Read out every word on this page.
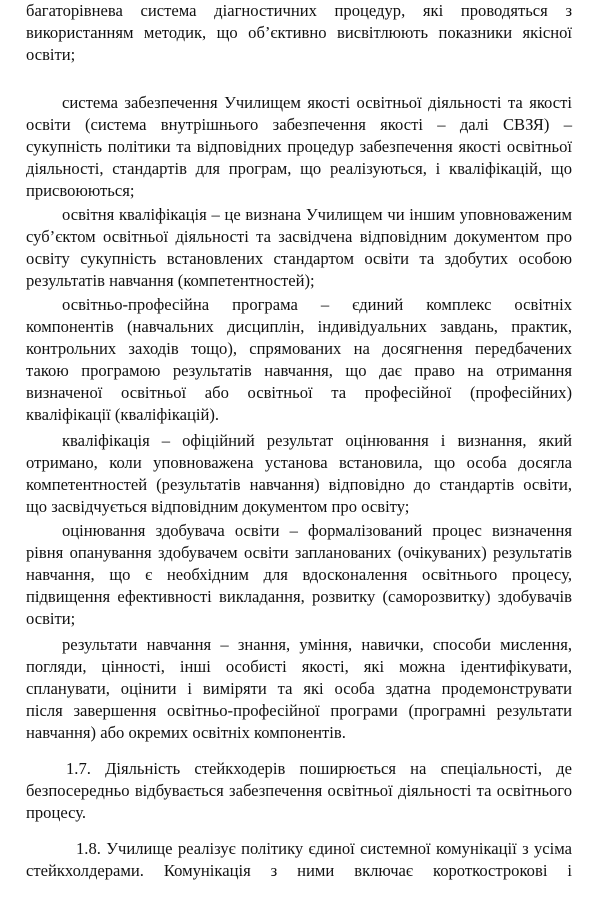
багаторівнева система діагностичних процедур, які проводяться з
використанням методик, що об’єктивно висвітлюють показники якісної
освіти;
система забезпечення Училищем якості освітньої діяльності та якості
освіти (система внутрішнього забезпечення якості – далі СВЗЯ) –
сукупність політики та відповідних процедур забезпечення якості освітньої
діяльності, стандартів для програм, що реалізуються, і кваліфікацій, що
присвоюються;
освітня кваліфікація – це визнана Училищем чи іншим уповноваженим
суб’єктом освітньої діяльності та засвідчена відповідним документом про
освіту сукупність встановлених стандартом освіти та здобутих особою
результатів навчання (компетентностей);
освітньо-професійна програма – єдиний комплекс освітніх
компонентів (навчальних дисциплін, індивідуальних завдань, практик,
контрольних заходів тощо), спрямованих на досягнення передбачених
такою програмою результатів навчання, що дає право на отримання
визначеної освітньої або освітньої та професійної (професійних)
кваліфікації (кваліфікацій).
кваліфікація – офіційний результат оцінювання і визнання, який
отримано, коли уповноважена установа встановила, що особа досягла
компетентностей (результатів навчання) відповідно до стандартів освіти,
що засвідчується відповідним документом про освіту;
оцінювання здобувача освіти – формалізований процес визначення
рівня опанування здобувачем освіти запланованих (очікуваних) результатів
навчання, що є необхідним для вдосконалення освітнього процесу,
підвищення ефективності викладання, розвитку (саморозвитку) здобувачів
освіти;
результати навчання – знання, уміння, навички, способи мислення,
погляди, цінності, інші особисті якості, які можна ідентифікувати,
спланувати, оцінити і виміряти та які особа здатна продемонструвати
після завершення освітньо-професійної програми (програмні результати
навчання) або окремих освітніх компонентів.
1.7. Діяльність стейкходерів поширюється на спеціальності, де
безпосередньо відбувається забезпечення освітньої діяльності та освітнього
процесу.
1.8. Училище реалізує політику єдиної системної комунікації з усіма
стейкхолдерами. Комунікація з ними включає короткострокові і
